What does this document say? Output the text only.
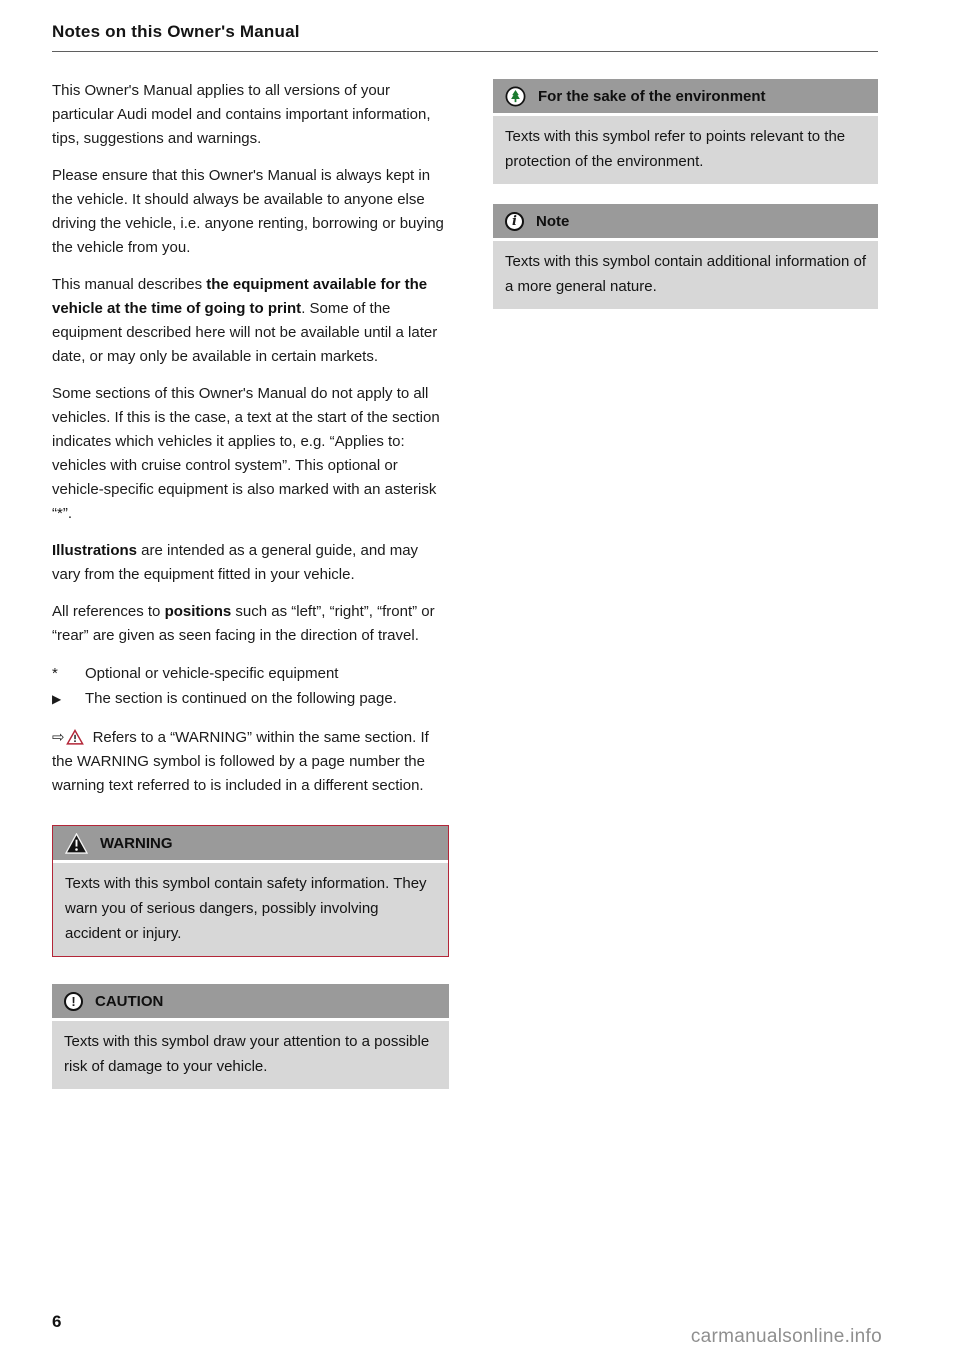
Notes on this Owner's Manual

This Owner's Manual applies to all versions of your particular Audi model and contains important information, tips, suggestions and warnings.

Please ensure that this Owner's Manual is always kept in the vehicle. It should always be available to anyone else driving the vehicle, i.e. anyone renting, borrowing or buying the vehicle from you.

This manual describes the equipment available for the vehicle at the time of going to print. Some of the equipment described here will not be available until a later date, or may only be available in certain markets.

Some sections of this Owner's Manual do not apply to all vehicles. If this is the case, a text at the start of the section indicates which vehicles it applies to, e.g. “Applies to: vehicles with cruise control system”. This optional or vehicle-specific equipment is also marked with an asterisk “*”.

Illustrations are intended as a general guide, and may vary from the equipment fitted in your vehicle.

All references to positions such as “left”, “right”, “front” or “rear” are given as seen facing in the direction of travel.

*	Optional or vehicle-specific equipment
▶	The section is continued on the following page.

⇨ Refers to a “WARNING” within the same section. If the WARNING symbol is followed by a page number the warning text referred to is included in a different section.

WARNING
Texts with this symbol contain safety information. They warn you of serious dangers, possibly involving accident or injury.
!	CAUTION
Texts with this symbol draw your attention to a possible risk of damage to your vehicle.
For the sake of the environment
Texts with this symbol refer to points relevant to the protection of the environment.
i	Note
Texts with this symbol contain additional information of a more general nature.
6
carmanualsonline.info
